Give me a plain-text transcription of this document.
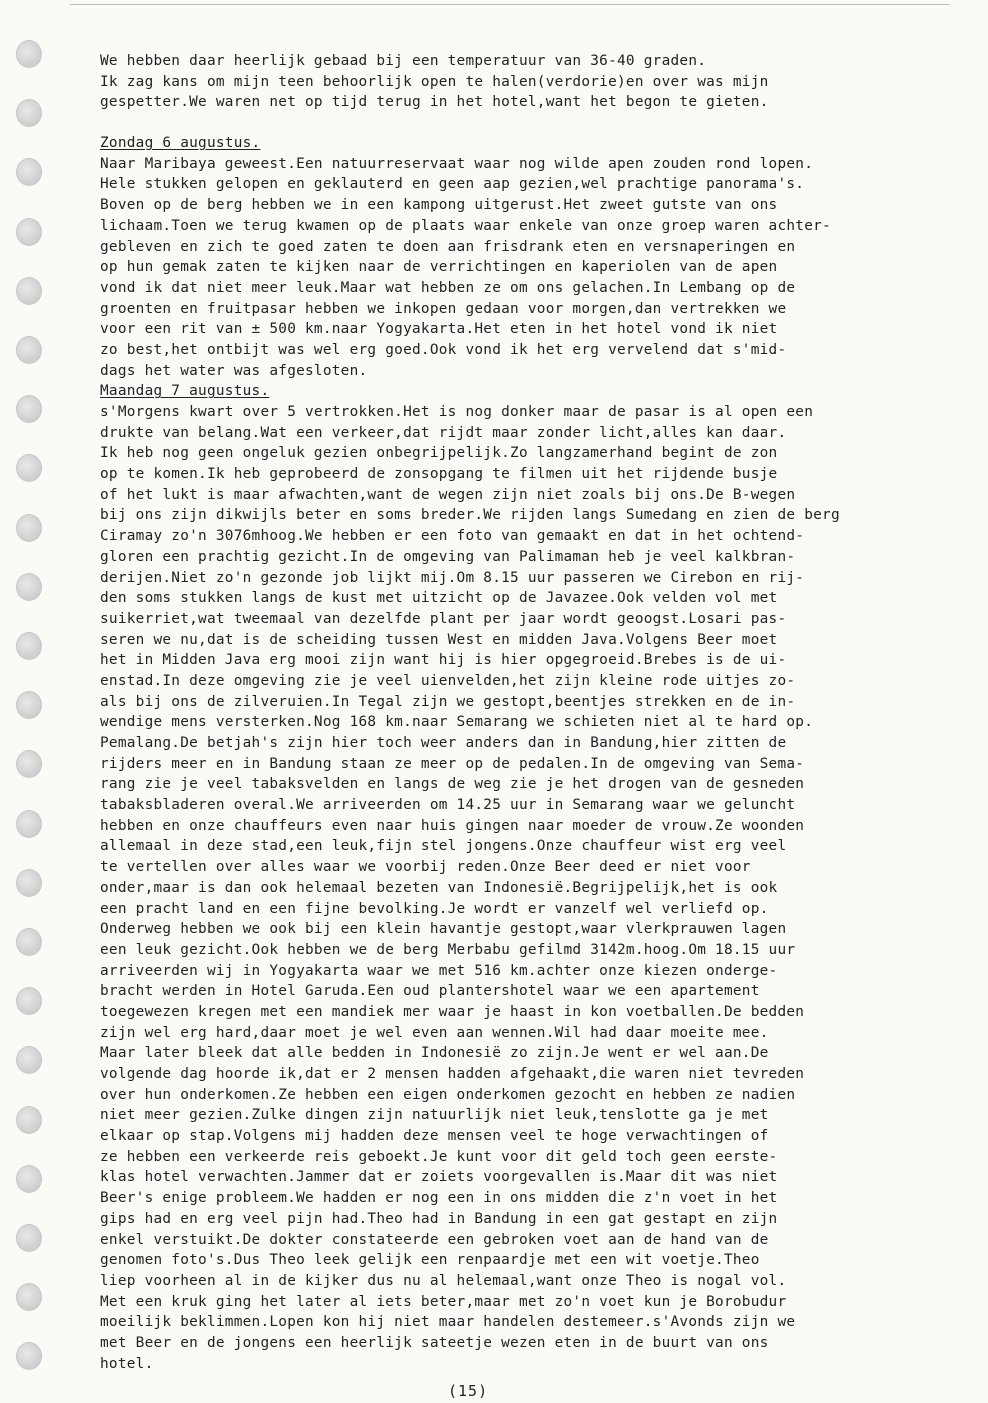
We hebben daar heerlijk gebaad bij een temperatuur van 36-40 graden.
Ik zag kans om mijn teen behoorlijk open te halen(verdorie)en over was mijn
gespetter.We waren net op tijd terug in het hotel,want het begon te gieten.
Zondag 6 augustus.
Naar Maribaya geweest.Een natuurreservaat waar nog wilde apen zouden rond lopen.
Hele stukken gelopen en geklauterd en geen aap gezien,wel prachtige panorama's.
Boven op de berg hebben we in een kampong uitgerust.Het zweet gutste van ons
lichaam.Toen we terug kwamen op de plaats waar enkele van onze groep waren achter-
gebleven en zich te goed zaten te doen aan frisdrank eten en versnaperingen en
op hun gemak zaten te kijken naar de verrichtingen en kaperiolen van de apen
vond ik dat niet meer leuk.Maar wat hebben ze om ons gelachen.In Lembang op de
groenten en fruitpasar hebben we inkopen gedaan voor morgen,dan vertrekken we
voor een rit van ± 500 km.naar Yogyakarta.Het eten in het hotel vond ik niet
zo best,het ontbijt was wel erg goed.Ook vond ik het erg vervelend dat s'mid-
dags het water was afgesloten.
Maandag 7 augustus.
s'Morgens kwart over 5 vertrokken.Het is nog donker maar de pasar is al open een
drukte van belang.Wat een verkeer,dat rijdt maar zonder licht,alles kan daar.
Ik heb nog geen ongeluk gezien onbegrijpelijk.Zo langzamerhand begint de zon
op te komen.Ik heb geprobeerd de zonsopgang te filmen uit het rijdende busje
of het lukt is maar afwachten,want de wegen zijn niet zoals bij ons.De B-wegen
bij ons zijn dikwijls beter en soms breder.We rijden langs Sumedang en zien de berg
Ciramay zo'n 3076mhoog.We hebben er een foto van gemaakt en dat in het ochtend-
gloren een prachtig gezicht.In de omgeving van Palimaman heb je veel kalkbran-
derijen.Niet zo'n gezonde job lijkt mij.Om 8.15 uur passeren we Cirebon en rij-
den soms stukken langs de kust met uitzicht op de Javazee.Ook velden vol met
suikerriet,wat tweemaal van dezelfde plant per jaar wordt geoogst.Losari pas-
seren we nu,dat is de scheiding tussen West en midden Java.Volgens Beer moet
het in Midden Java erg mooi zijn want hij is hier opgegroeid.Brebes is de ui-
enstad.In deze omgeving zie je veel uienvelden,het zijn kleine rode uitjes zo-
als bij ons de zilveruien.In Tegal zijn we gestopt,beentjes strekken en de in-
wendige mens versterken.Nog 168 km.naar Semarang we schieten niet al te hard op.
Pemalang.De betjah's zijn hier toch weer anders dan in Bandung,hier zitten de
rijders meer en in Bandung staan ze meer op de pedalen.In de omgeving van Sema-
rang zie je veel tabaksvelden en langs de weg zie je het drogen van de gesneden
tabaksbladeren overal.We arriveerden om 14.25 uur in Semarang waar we geluncht
hebben en onze chauffeurs even naar huis gingen naar moeder de vrouw.Ze woonden
allemaal in deze stad,een leuk,fijn stel jongens.Onze chauffeur wist erg veel
te vertellen over alles waar we voorbij reden.Onze Beer deed er niet voor
onder,maar is dan ook helemaal bezeten van Indonesië.Begrijpelijk,het is ook
een pracht land en een fijne bevolking.Je wordt er vanzelf wel verliefd op.
Onderweg hebben we ook bij een klein havantje gestopt,waar vlerkprauwen lagen
een leuk gezicht.Ook hebben we de berg Merbabu gefilmd 3142m.hoog.Om 18.15 uur
arriveerden wij in Yogyakarta waar we met 516 km.achter onze kiezen onderge-
bracht werden in Hotel Garuda.Een oud plantershotel waar we een apartement
toegewezen kregen met een mandiek mer waar je haast in kon voetballen.De bedden
zijn wel erg hard,daar moet je wel even aan wennen.Wil had daar moeite mee.
Maar later bleek dat alle bedden in Indonesië zo zijn.Je went er wel aan.De
volgende dag hoorde ik,dat er 2 mensen hadden afgehaakt,die waren niet tevreden
over hun onderkomen.Ze hebben een eigen onderkomen gezocht en hebben ze nadien
niet meer gezien.Zulke dingen zijn natuurlijk niet leuk,tenslotte ga je met
elkaar op stap.Volgens mij hadden deze mensen veel te hoge verwachtingen of
ze hebben een verkeerde reis geboekt.Je kunt voor dit geld toch geen eerste-
klas hotel verwachten.Jammer dat er zoiets voorgevallen is.Maar dit was niet
Beer's enige probleem.We hadden er nog een in ons midden die z'n voet in het
gips had en erg veel pijn had.Theo had in Bandung in een gat gestapt en zijn
enkel verstuikt.De dokter constateerde een gebroken voet aan de hand van de
genomen foto's.Dus Theo leek gelijk een renpaardje met een wit voetje.Theo
liep voorheen al in de kijker dus nu al helemaal,want onze Theo is nogal vol.
Met een kruk ging het later al iets beter,maar met zo'n voet kun je Borobudur
moeilijk beklimmen.Lopen kon hij niet maar handelen destemeer.s'Avonds zijn we
met Beer en de jongens een heerlijk sateetje wezen eten in de buurt van ons
hotel.
(15)
